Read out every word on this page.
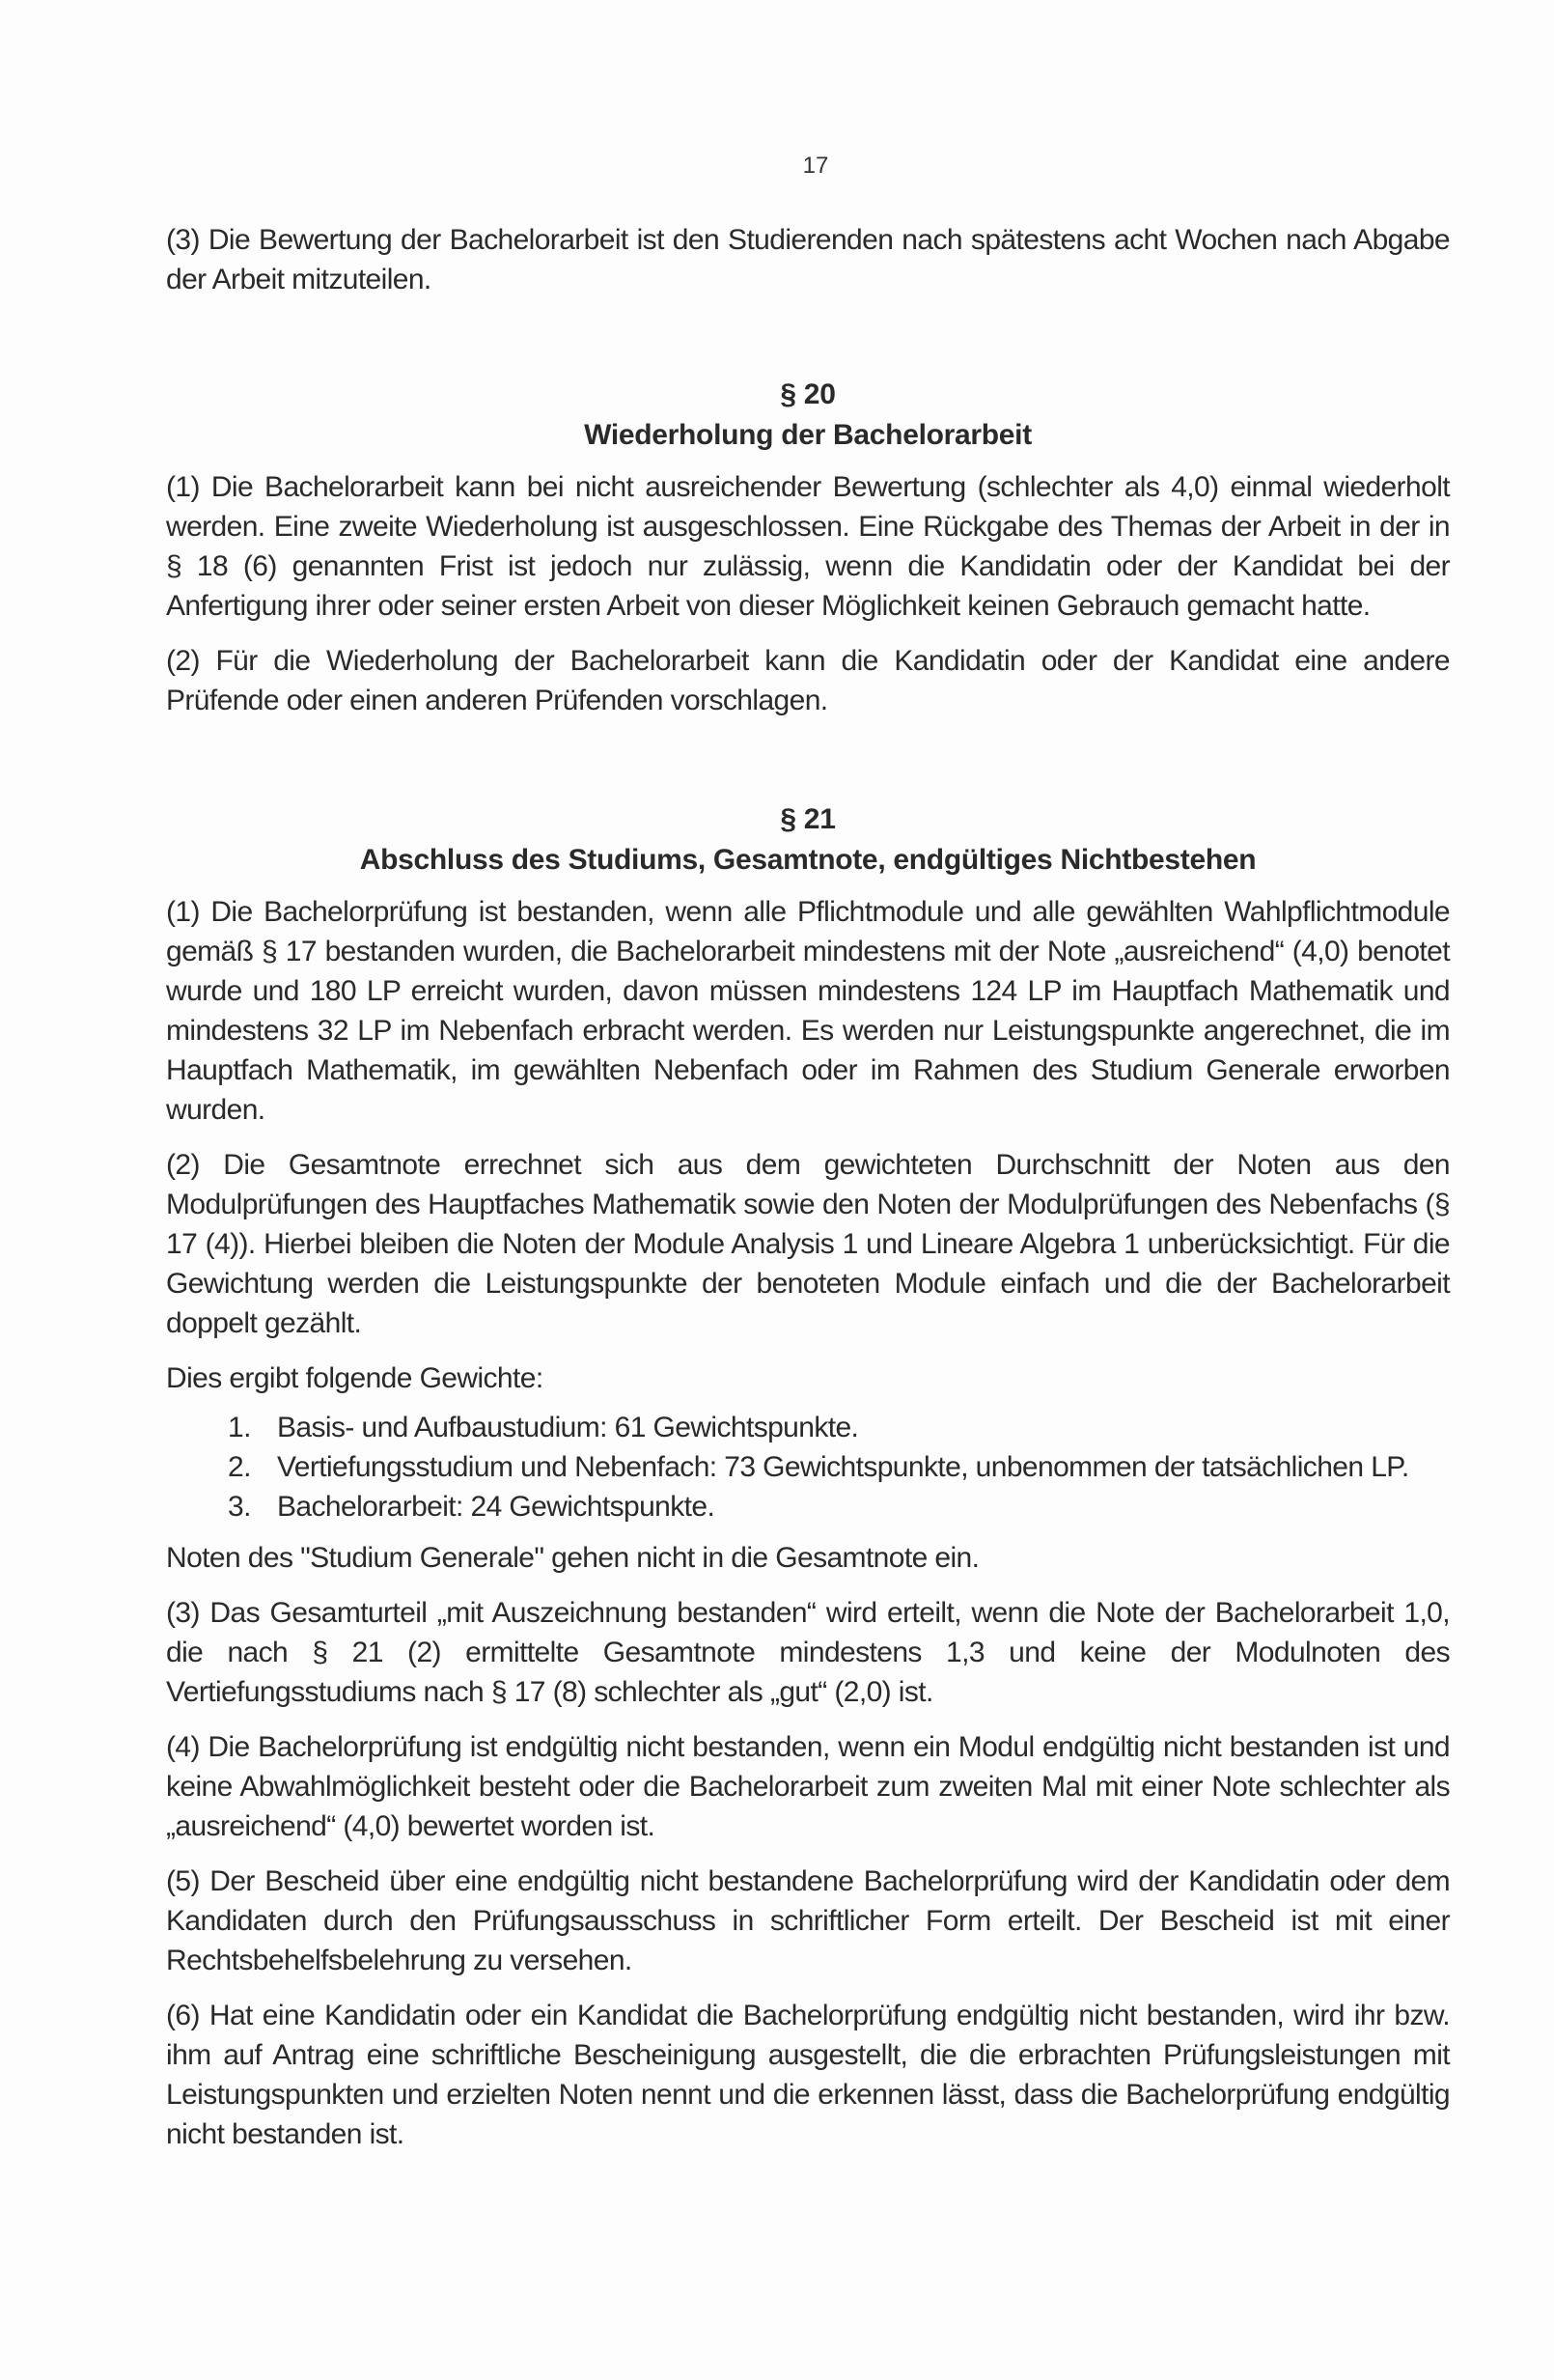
17

(3) Die Bewertung der Bachelorarbeit ist den Studierenden nach spätestens acht Wochen nach Abgabe der Arbeit mitzuteilen.

§ 20

Wiederholung der Bachelorarbeit

(1) Die Bachelorarbeit kann bei nicht ausreichender Bewertung (schlechter als 4,0) einmal wiederholt werden. Eine zweite Wiederholung ist ausgeschlossen. Eine Rückgabe des Themas der Arbeit in der in § 18 (6) genannten Frist ist jedoch nur zulässig, wenn die Kandidatin oder der Kandidat bei der Anfertigung ihrer oder seiner ersten Arbeit von dieser Möglichkeit keinen Gebrauch gemacht hatte.

(2) Für die Wiederholung der Bachelorarbeit kann die Kandidatin oder der Kandidat eine andere Prüfende oder einen anderen Prüfenden vorschlagen.

§ 21

Abschluss des Studiums, Gesamtnote, endgültiges Nichtbestehen

(1) Die Bachelorprüfung ist bestanden, wenn alle Pflichtmodule und alle gewählten Wahlpflichtmodule gemäß § 17 bestanden wurden, die Bachelorarbeit mindestens mit der Note „ausreichend“ (4,0) benotet wurde und 180 LP erreicht wurden, davon müssen mindestens 124 LP im Hauptfach Mathematik und mindestens 32 LP im Nebenfach erbracht werden. Es werden nur Leistungspunkte angerechnet, die im Hauptfach Mathematik, im gewählten Nebenfach oder im Rahmen des Studium Generale erworben wurden.

(2) Die Gesamtnote errechnet sich aus dem gewichteten Durchschnitt der Noten aus den Modulprüfungen des Hauptfaches Mathematik sowie den Noten der Modulprüfungen des Nebenfachs (§ 17 (4)). Hierbei bleiben die Noten der Module Analysis 1 und Lineare Algebra 1 unberücksichtigt. Für die Gewichtung werden die Leistungspunkte der benoteten Module einfach und die der Bachelorarbeit doppelt gezählt.

Dies ergibt folgende Gewichte:

1. Basis- und Aufbaustudium: 61 Gewichtspunkte.
2. Vertiefungsstudium und Nebenfach: 73 Gewichtspunkte, unbenommen der tatsächlichen LP.
3. Bachelorarbeit: 24 Gewichtspunkte.

Noten des "Studium Generale" gehen nicht in die Gesamtnote ein.

(3) Das Gesamturteil „mit Auszeichnung bestanden“ wird erteilt, wenn die Note der Bachelorarbeit 1,0, die nach § 21 (2) ermittelte Gesamtnote mindestens 1,3 und keine der Modulnoten des Vertiefungsstudiums nach § 17 (8) schlechter als „gut“ (2,0) ist.

(4) Die Bachelorprüfung ist endgültig nicht bestanden, wenn ein Modul endgültig nicht bestanden ist und keine Abwahlmöglichkeit besteht oder die Bachelorarbeit zum zweiten Mal mit einer Note schlechter als „ausreichend“ (4,0) bewertet worden ist.

(5) Der Bescheid über eine endgültig nicht bestandene Bachelorprüfung wird der Kandidatin oder dem Kandidaten durch den Prüfungsausschuss in schriftlicher Form erteilt. Der Bescheid ist mit einer Rechtsbehelfsbelehrung zu versehen.

(6) Hat eine Kandidatin oder ein Kandidat die Bachelorprüfung endgültig nicht bestanden, wird ihr bzw. ihm auf Antrag eine schriftliche Bescheinigung ausgestellt, die die erbrachten Prüfungsleistungen mit Leistungspunkten und erzielten Noten nennt und die erkennen lässt, dass die Bachelorprüfung endgültig nicht bestanden ist.
